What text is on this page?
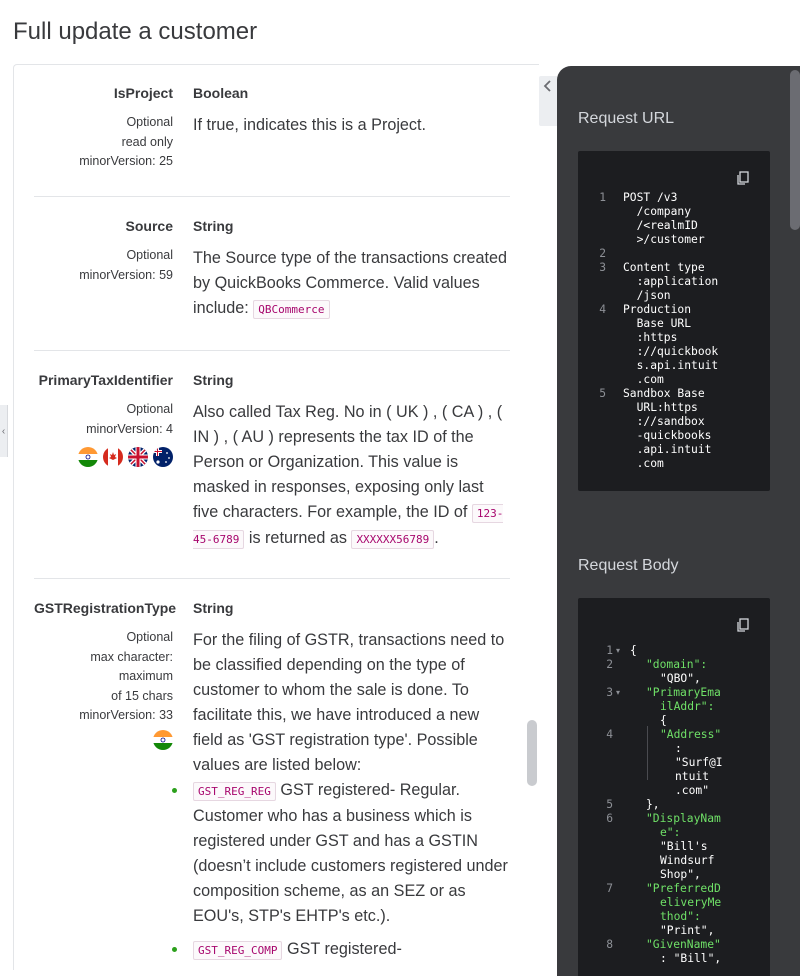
Full update a customer
‹
IsProject
Optional
read only
minorVersion: 25
Boolean
If true, indicates this is a Project.
Source
Optional
minorVersion: 59
String
The Source type of the transactions created by QuickBooks Commerce. Valid values include: QBCommerce
PrimaryTaxIdentifier
Optional
minorVersion: 4
String
Also called Tax Reg. No in ( UK ) , ( CA ) , ( IN ) , ( AU ) represents the tax ID of the Person or Organization. This value is masked in responses, exposing only last five characters. For example, the ID of 123-45-6789 is returned as XXXXXX56789 .
GSTRegistrationType
Optional
max character: maximum
of 15 chars
minorVersion: 33
String
For the filing of GSTR, transactions need to be classified depending on the type of customer to whom the sale is done. To facilitate this, we have introduced a new field as 'GST registration type'. Possible values are listed below:
GST_REG_REG GST registered- Regular. Customer who has a business which is registered under GST and has a GSTIN (doesn’t include customers registered under composition scheme, as an SEZ or as EOU's, STP's EHTP's etc.).
GST_REG_COMP GST registered-
Request URL
1 POST /v3
/company
/<realmID
>/customer
2
3 Content type
:application
/json
4 Production
Base URL
:https
://quickbook
s.api.intuit
.com
5 Sandbox Base
URL:https
://sandbox
-quickbooks
.api.intuit
.com
Request Body
1 ▾ {
2	"domain":
"QBO",
3 ▾ "PrimaryEma
ilAddr":
{
4	"Address"
:
"Surf@I
ntuit
.com"
5	},
6	"DisplayNam
e":
"Bill's
Windsurf
Shop",
7	"PreferredD
eliveryMe
thod":
"Print",
8	"GivenName"
: "Bill",
